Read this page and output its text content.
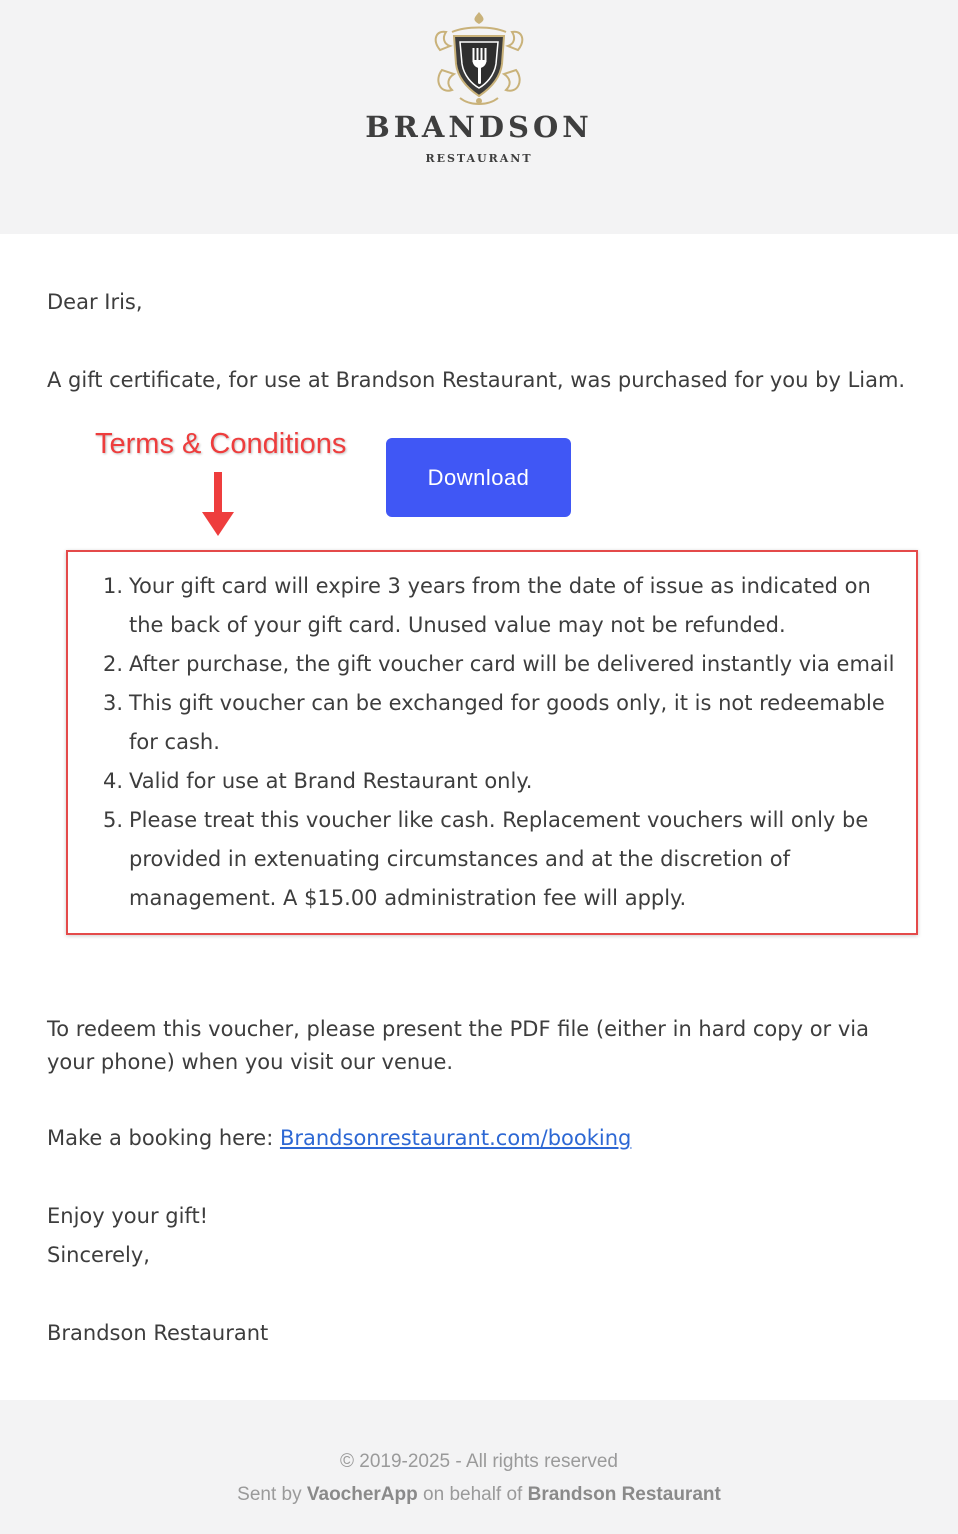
BRANDSON
RESTAURANT
Dear Iris,
A gift certificate, for use at Brandson Restaurant, was purchased for you by Liam.
Terms & Conditions
Download
1. Your gift card will expire 3 years from the date of issue as indicated on the back of your gift card. Unused value may not be refunded.
2. After purchase, the gift voucher card will be delivered instantly via email
3. This gift voucher can be exchanged for goods only, it is not redeemable for cash.
4. Valid for use at Brand Restaurant only.
5. Please treat this voucher like cash. Replacement vouchers will only be provided in extenuating circumstances and at the discretion of management. A $15.00 administration fee will apply.
To redeem this voucher, please present the PDF file (either in hard copy or via your phone) when you visit our venue.
Make a booking here: Brandsonrestaurant.com/booking
Enjoy your gift!
Sincerely,
Brandson Restaurant
© 2019-2025 - All rights reserved
Sent by VaocherApp on behalf of Brandson Restaurant
